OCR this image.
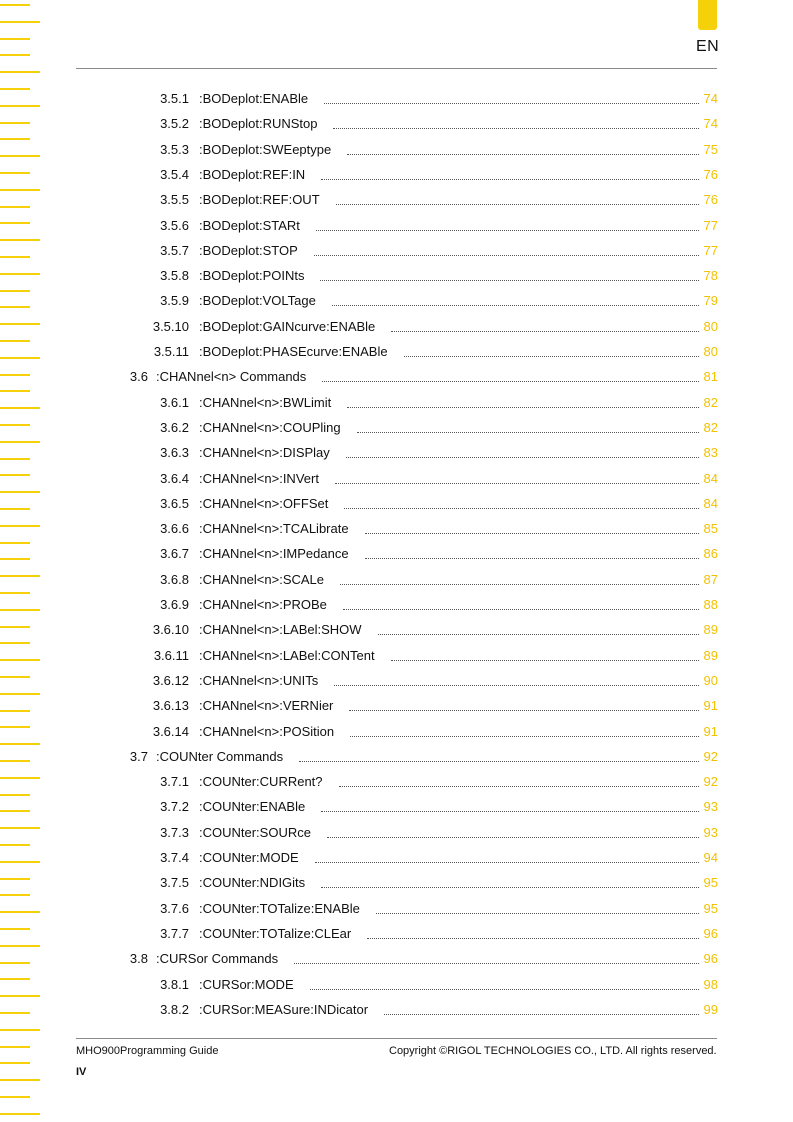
EN
3.5.1 :BODeplot:ENABle	74
3.5.2 :BODeplot:RUNStop	74
3.5.3 :BODeplot:SWEeptype	75
3.5.4 :BODeplot:REF:IN	76
3.5.5 :BODeplot:REF:OUT	76
3.5.6 :BODeplot:STARt	77
3.5.7 :BODeplot:STOP	77
3.5.8 :BODeplot:POINts	78
3.5.9 :BODeplot:VOLTage	79
3.5.10 :BODeplot:GAINcurve:ENABle	80
3.5.11 :BODeplot:PHASEcurve:ENABle	80
3.6 :CHANnel<n> Commands	81
3.6.1 :CHANnel<n>:BWLimit	82
3.6.2 :CHANnel<n>:COUPling	82
3.6.3 :CHANnel<n>:DISPlay	83
3.6.4 :CHANnel<n>:INVert	84
3.6.5 :CHANnel<n>:OFFSet	84
3.6.6 :CHANnel<n>:TCALibrate	85
3.6.7 :CHANnel<n>:IMPedance	86
3.6.8 :CHANnel<n>:SCALe	87
3.6.9 :CHANnel<n>:PROBe	88
3.6.10 :CHANnel<n>:LABel:SHOW	89
3.6.11 :CHANnel<n>:LABel:CONTent	89
3.6.12 :CHANnel<n>:UNITs	90
3.6.13 :CHANnel<n>:VERNier	91
3.6.14 :CHANnel<n>:POSition	91
3.7 :COUNter Commands	92
3.7.1 :COUNter:CURRent?	92
3.7.2 :COUNter:ENABle	93
3.7.3 :COUNter:SOURce	93
3.7.4 :COUNter:MODE	94
3.7.5 :COUNter:NDIGits	95
3.7.6 :COUNter:TOTalize:ENABle	95
3.7.7 :COUNter:TOTalize:CLEar	96
3.8 :CURSor Commands	96
3.8.1 :CURSor:MODE	98
3.8.2 :CURSor:MEASure:INDicator	99
MHO900Programming Guide	Copyright ©RIGOL TECHNOLOGIES CO., LTD. All rights reserved.
IV
